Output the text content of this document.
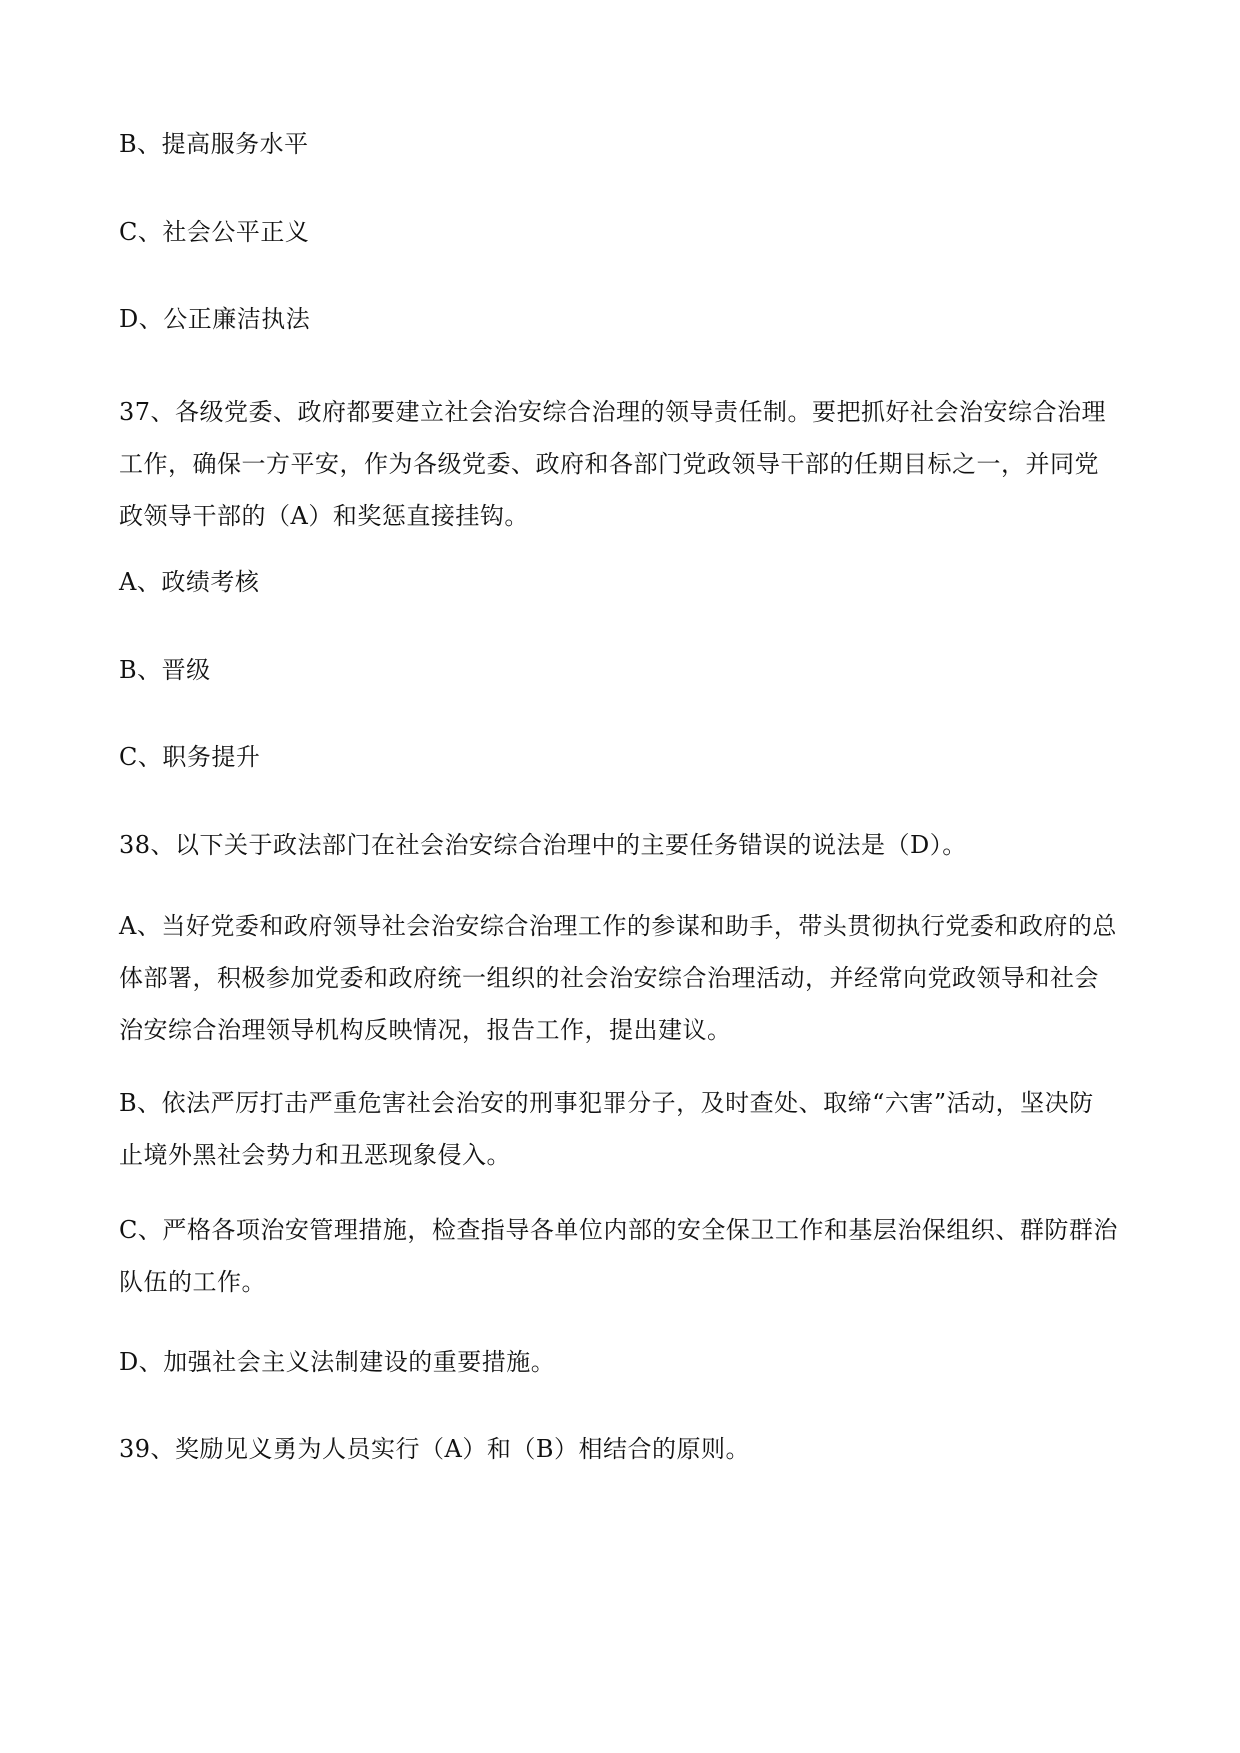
B、提高服务水平
C、社会公平正义
D、公正廉洁执法
37、各级党委、政府都要建立社会治安综合治理的领导责任制。要把抓好社会治安综合治理
工作，确保一方平安，作为各级党委、政府和各部门党政领导干部的任期目标之一，并同党
政领导干部的（A）和奖惩直接挂钩。
A、政绩考核
B、晋级
C、职务提升
38、以下关于政法部门在社会治安综合治理中的主要任务错误的说法是（D）。
A、当好党委和政府领导社会治安综合治理工作的参谋和助手，带头贯彻执行党委和政府的总
体部署，积极参加党委和政府统一组织的社会治安综合治理活动，并经常向党政领导和社会
治安综合治理领导机构反映情况，报告工作，提出建议。
B、依法严厉打击严重危害社会治安的刑事犯罪分子，及时查处、取缔“六害”活动，坚决防
止境外黑社会势力和丑恶现象侵入。
C、严格各项治安管理措施，检查指导各单位内部的安全保卫工作和基层治保组织、群防群治
队伍的工作。
D、加强社会主义法制建设的重要措施。
39、奖励见义勇为人员实行（A）和（B）相结合的原则。
